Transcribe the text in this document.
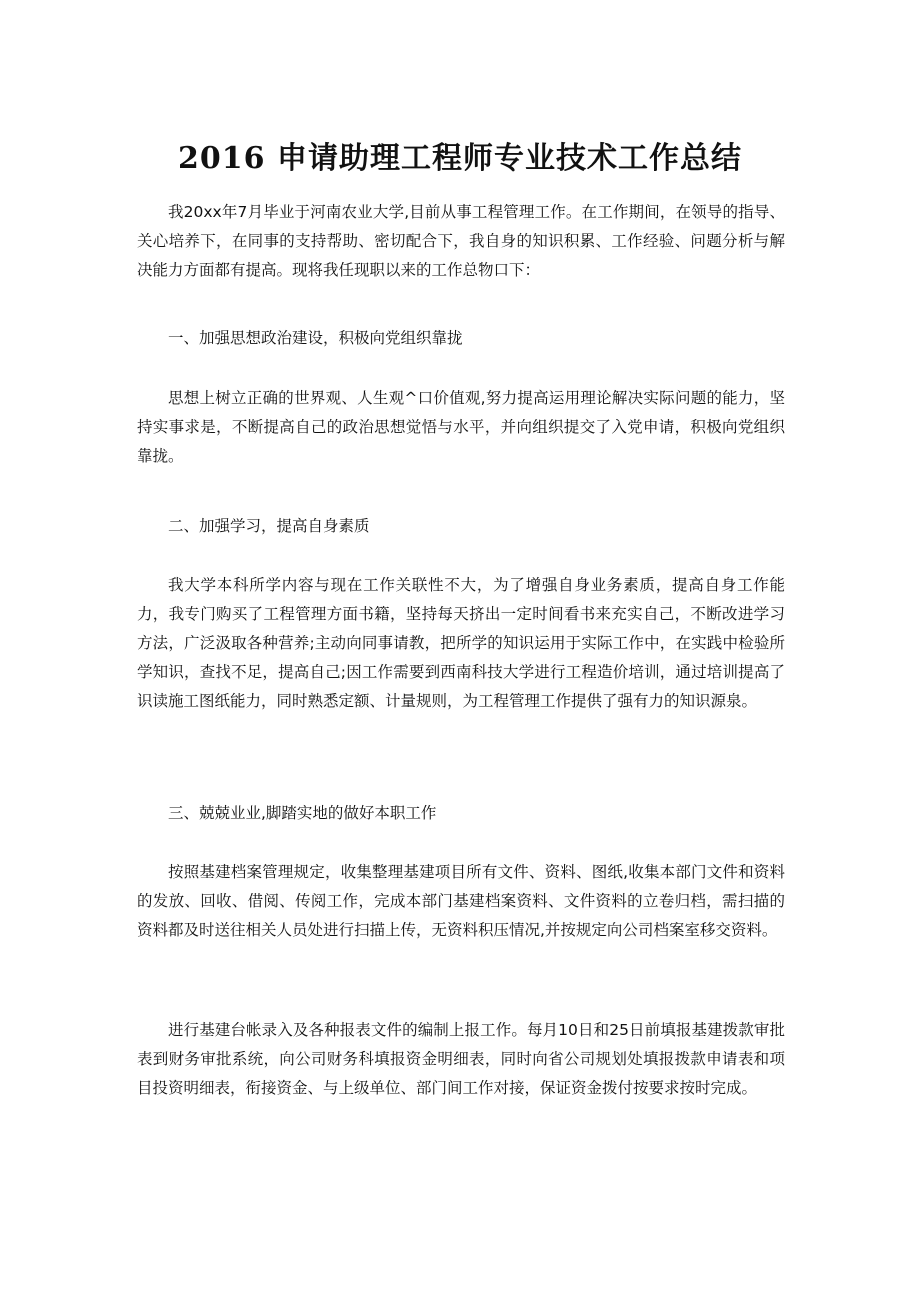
2016 申请助理工程师专业技术工作总结

我20xx年7月毕业于河南农业大学,目前从事工程管理工作。在工作期间，在领导的指导、关心培养下，在同事的支持帮助、密切配合下，我自身的知识积累、工作经验、问题分析与解决能力方面都有提高。现将我任现职以来的工作总物口下：

一、加强思想政治建设，积极向党组织靠拢

思想上树立正确的世界观、人生观^口价值观,努力提高运用理论解决实际问题的能力，坚持实事求是，不断提高自己的政治思想觉悟与水平，并向组织提交了入党申请，积极向党组织靠拢。

二、加强学习，提高自身素质

我大学本科所学内容与现在工作关联性不大，为了增强自身业务素质，提高自身工作能力，我专门购买了工程管理方面书籍，坚持每天挤出一定时间看书来充实自己，不断改进学习方法，广泛汲取各种营养;主动向同事请教，把所学的知识运用于实际工作中，在实践中检验所学知识，查找不足，提高自己;因工作需要到西南科技大学进行工程造价培训，通过培训提高了识读施工图纸能力，同时熟悉定额、计量规则，为工程管理工作提供了强有力的知识源泉。

三、兢兢业业,脚踏实地的做好本职工作

按照基建档案管理规定，收集整理基建项目所有文件、资料、图纸,收集本部门文件和资料的发放、回收、借阅、传阅工作，完成本部门基建档案资料、文件资料的立卷归档，需扫描的资料都及时送往相关人员处进行扫描上传，无资料积压情况,并按规定向公司档案室移交资料。

进行基建台帐录入及各种报表文件的编制上报工作。每月10日和25日前填报基建拨款审批表到财务审批系统，向公司财务科填报资金明细表，同时向省公司规划处填报拨款申请表和项目投资明细表，衔接资金、与上级单位、部门间工作对接，保证资金拨付按要求按时完成。
